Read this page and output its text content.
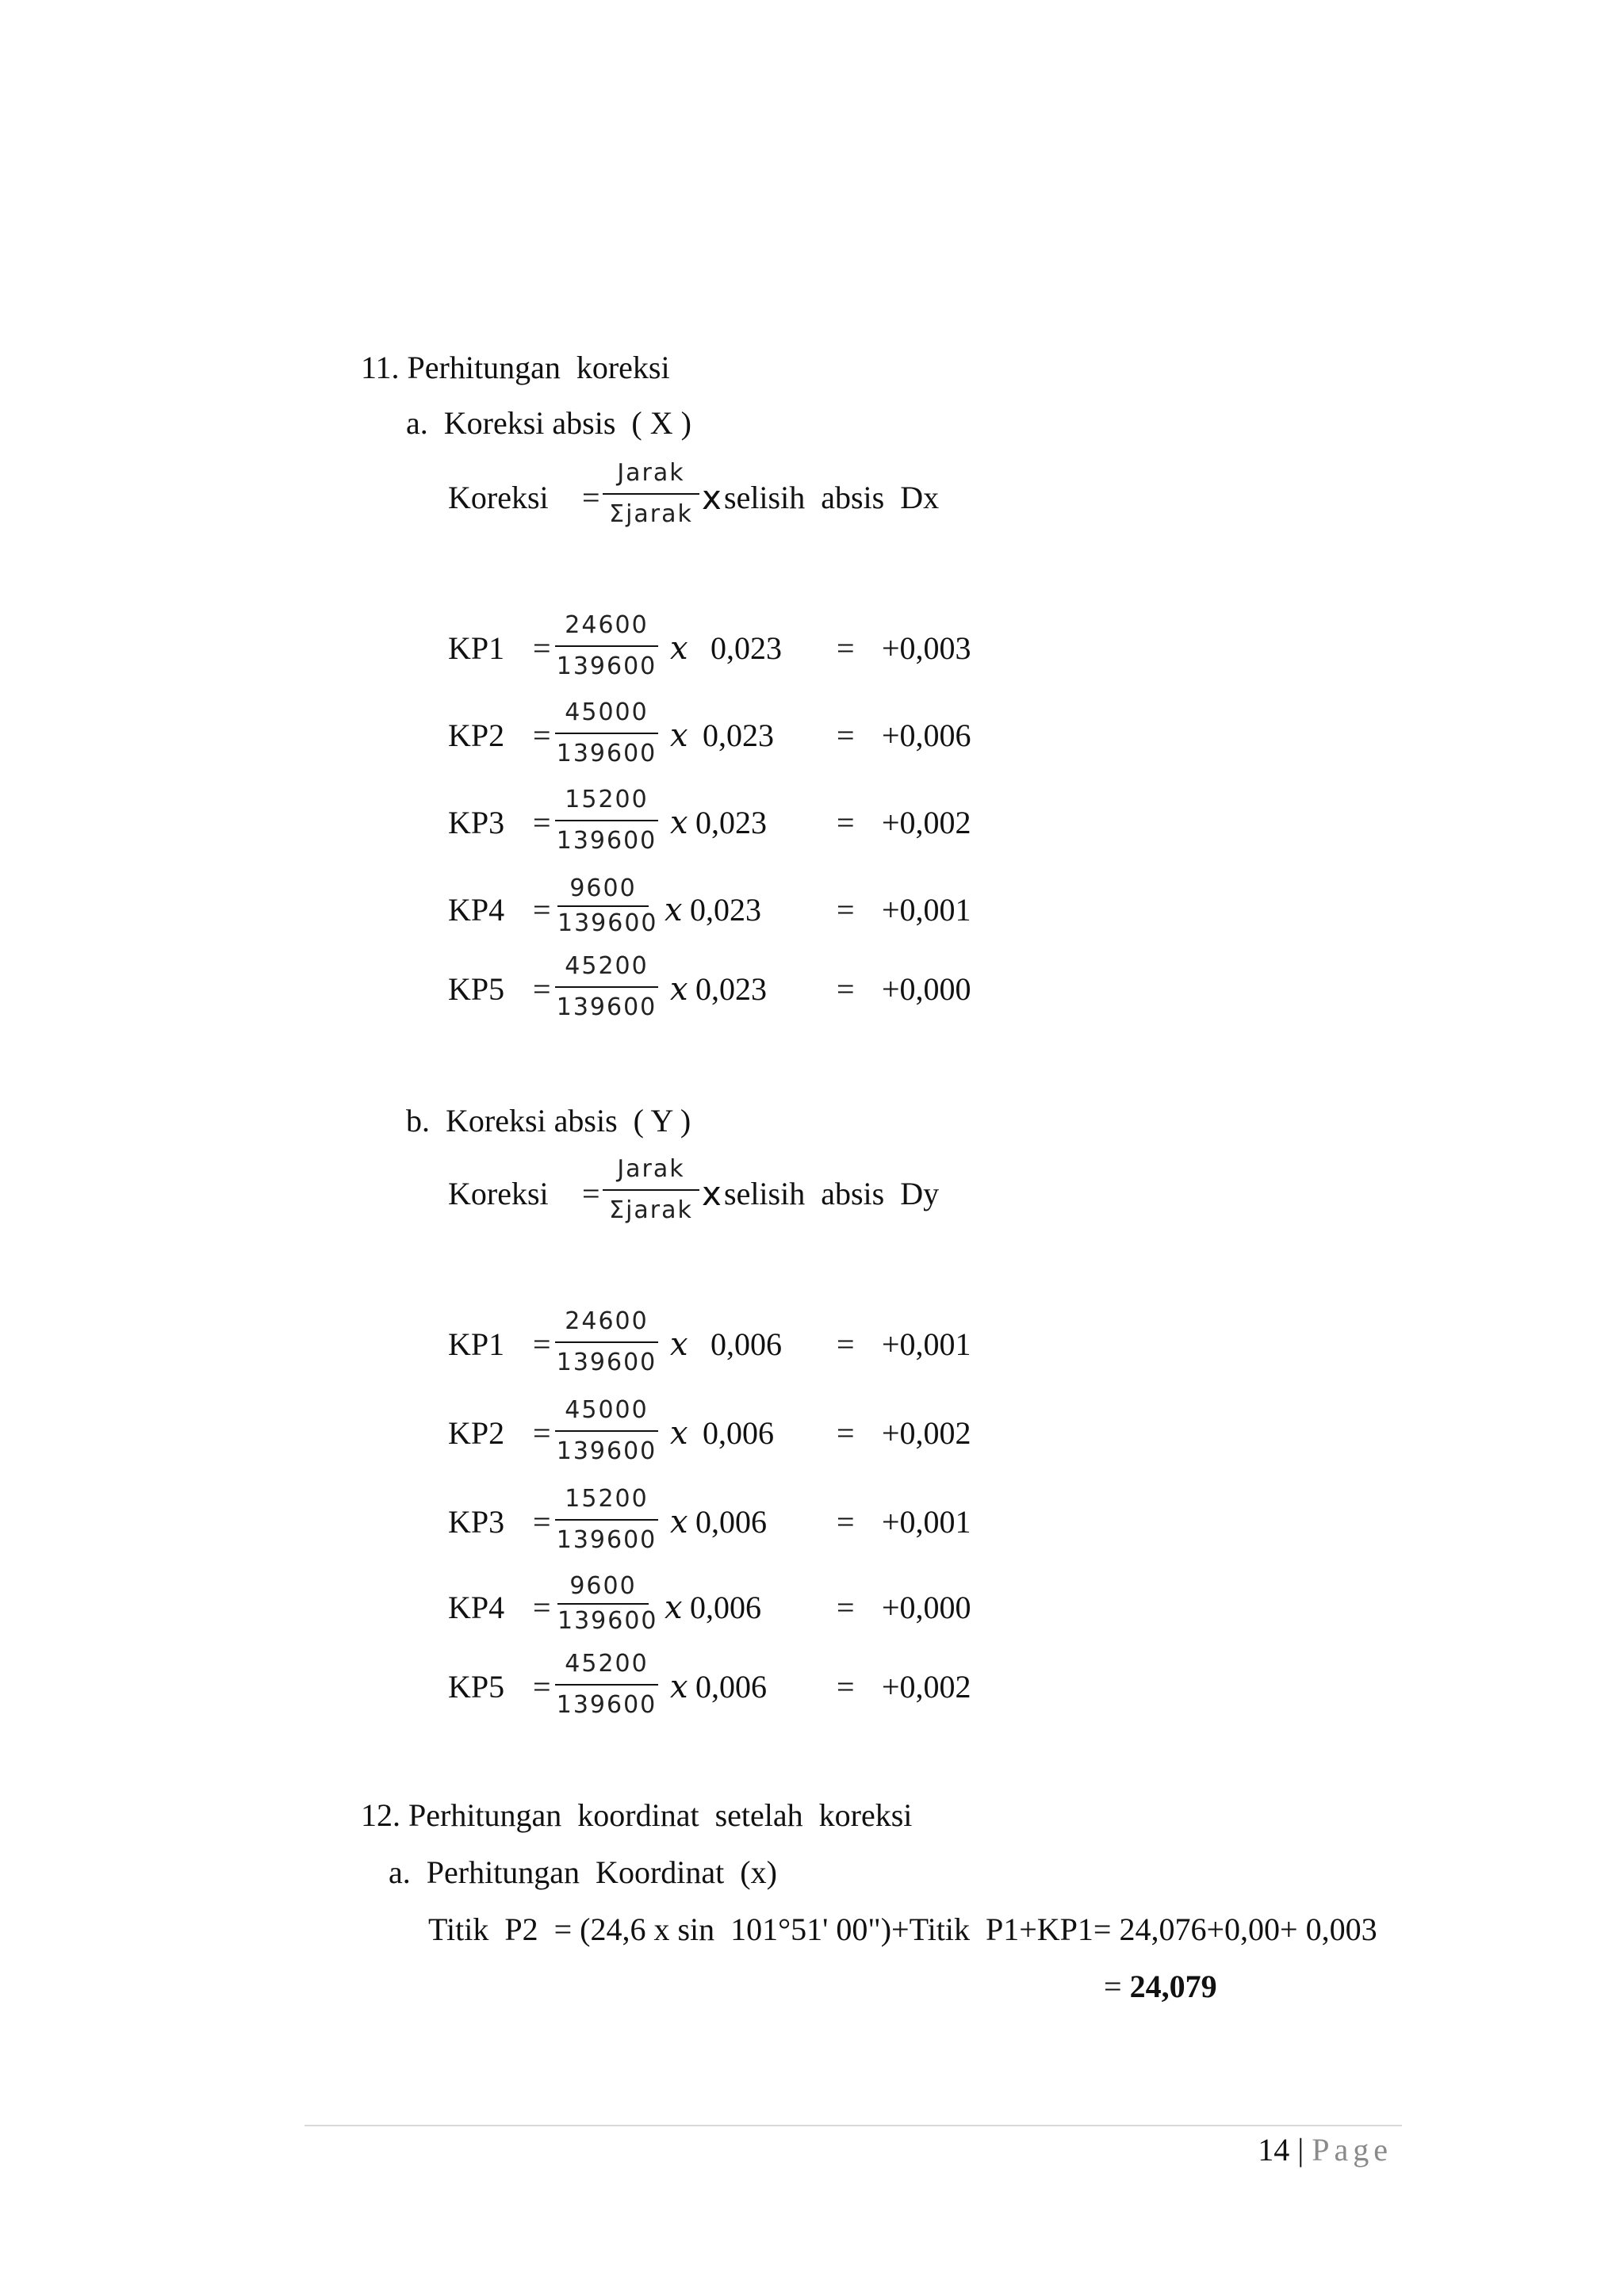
11. Perhitungan  koreksi
a.  Koreksi absis  ( X )
Koreksi =
Jarak
Σjarak x selisih  absis  Dx
KP1 =
24600
139600 𝑥 0,023 = +0,003
KP2 =
45000
139600 𝑥 0,023 = +0,006
KP3 =
15200
139600 𝑥 0,023 = +0,002
KP4 =
9600
139600 𝑥 0,023 = +0,001
KP5 =
45200
139600 𝑥 0,023 = +0,000
b.  Koreksi absis  ( Y )
Koreksi =
Jarak
Σjarak x selisih  absis  Dy
KP1 =
24600
139600 𝑥 0,006 = +0,001
KP2 =
45000
139600 𝑥 0,006 = +0,002
KP3 =
15200
139600 𝑥 0,006 = +0,001
KP4 =
9600
139600 𝑥 0,006 = +0,000
KP5 =
45200
139600 𝑥 0,006 = +0,002
12. Perhitungan  koordinat  setelah  koreksi
a.  Perhitungan  Koordinat  (x)
Titik  P2  = (24,6 x sin  101°51' 00")+Titik  P1+KP1= 24,076+0,00+ 0,003
= 24,079
14 | Page
